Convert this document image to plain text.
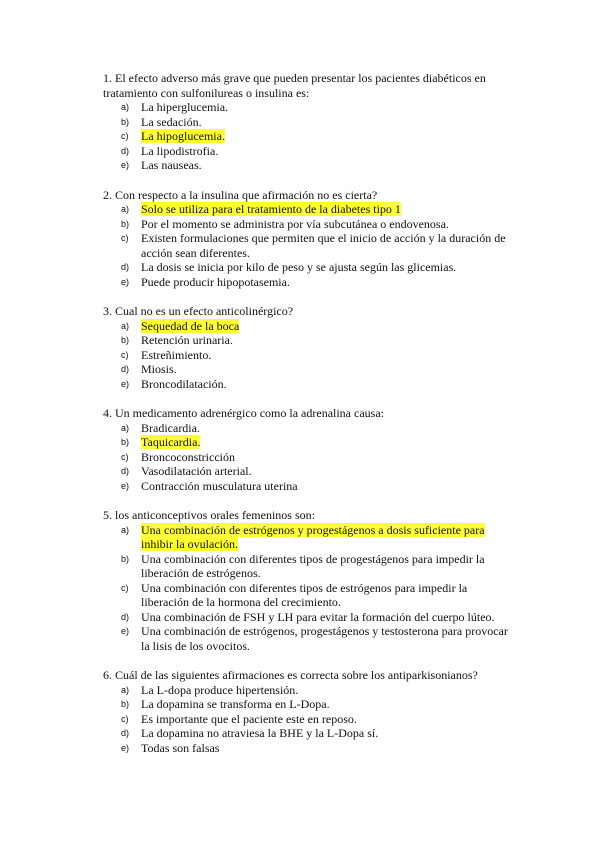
1. El efecto adverso más grave que pueden presentar los pacientes diabéticos en tratamiento con sulfonilureas o insulina es:

a) La hiperglucemia.
b) La sedación.
c) La hipoglucemia.
d) La lipodistrofia.
e) Las nauseas.

2. Con respecto a la insulina que afirmación no es cierta?

a) Solo se utiliza para el tratamiento de la diabetes tipo 1
b) Por el momento se administra por vía subcutánea o endovenosa.
c) Existen formulaciones que permiten que el inicio de acción y la duración de acción sean diferentes.
d) La dosis se inicia por kilo de peso y se ajusta según las glicemias.
e) Puede producir hipopotasemia.

3. Cual no es un efecto anticolinérgico?

a) Sequedad de la boca
b) Retención urinaria.
c) Estreñimiento.
d) Miosis.
e) Broncodilatación.

4. Un medicamento adrenérgico como la adrenalina causa:

a) Bradicardia.
b) Taquicardia.
c) Broncoconstricción
d) Vasodilatación arterial.
e) Contracción musculatura uterina

5. los anticonceptivos orales femeninos son:

a) Una combinación de estrógenos y progestágenos a dosis suficiente para inhibir la ovulación.
b) Una combinación con diferentes tipos de progestágenos para impedir la liberación de estrógenos.
c) Una combinación con diferentes tipos de estrógenos para impedir la liberación de la hormona del crecimiento.
d) Una combinación de FSH y LH para evitar la formación del cuerpo lúteo.
e) Una combinación de estrógenos, progestágenos y testosterona para provocar la lisis de los ovocitos.

6. Cuál de las siguientes afirmaciones es correcta sobre los antiparkisonianos?

a) La L-dopa produce hipertensión.
b) La dopamina se transforma en L-Dopa.
c) Es importante que el paciente este en reposo.
d) La dopamina no atraviesa la BHE y la L-Dopa sí.
e) Todas son falsas
